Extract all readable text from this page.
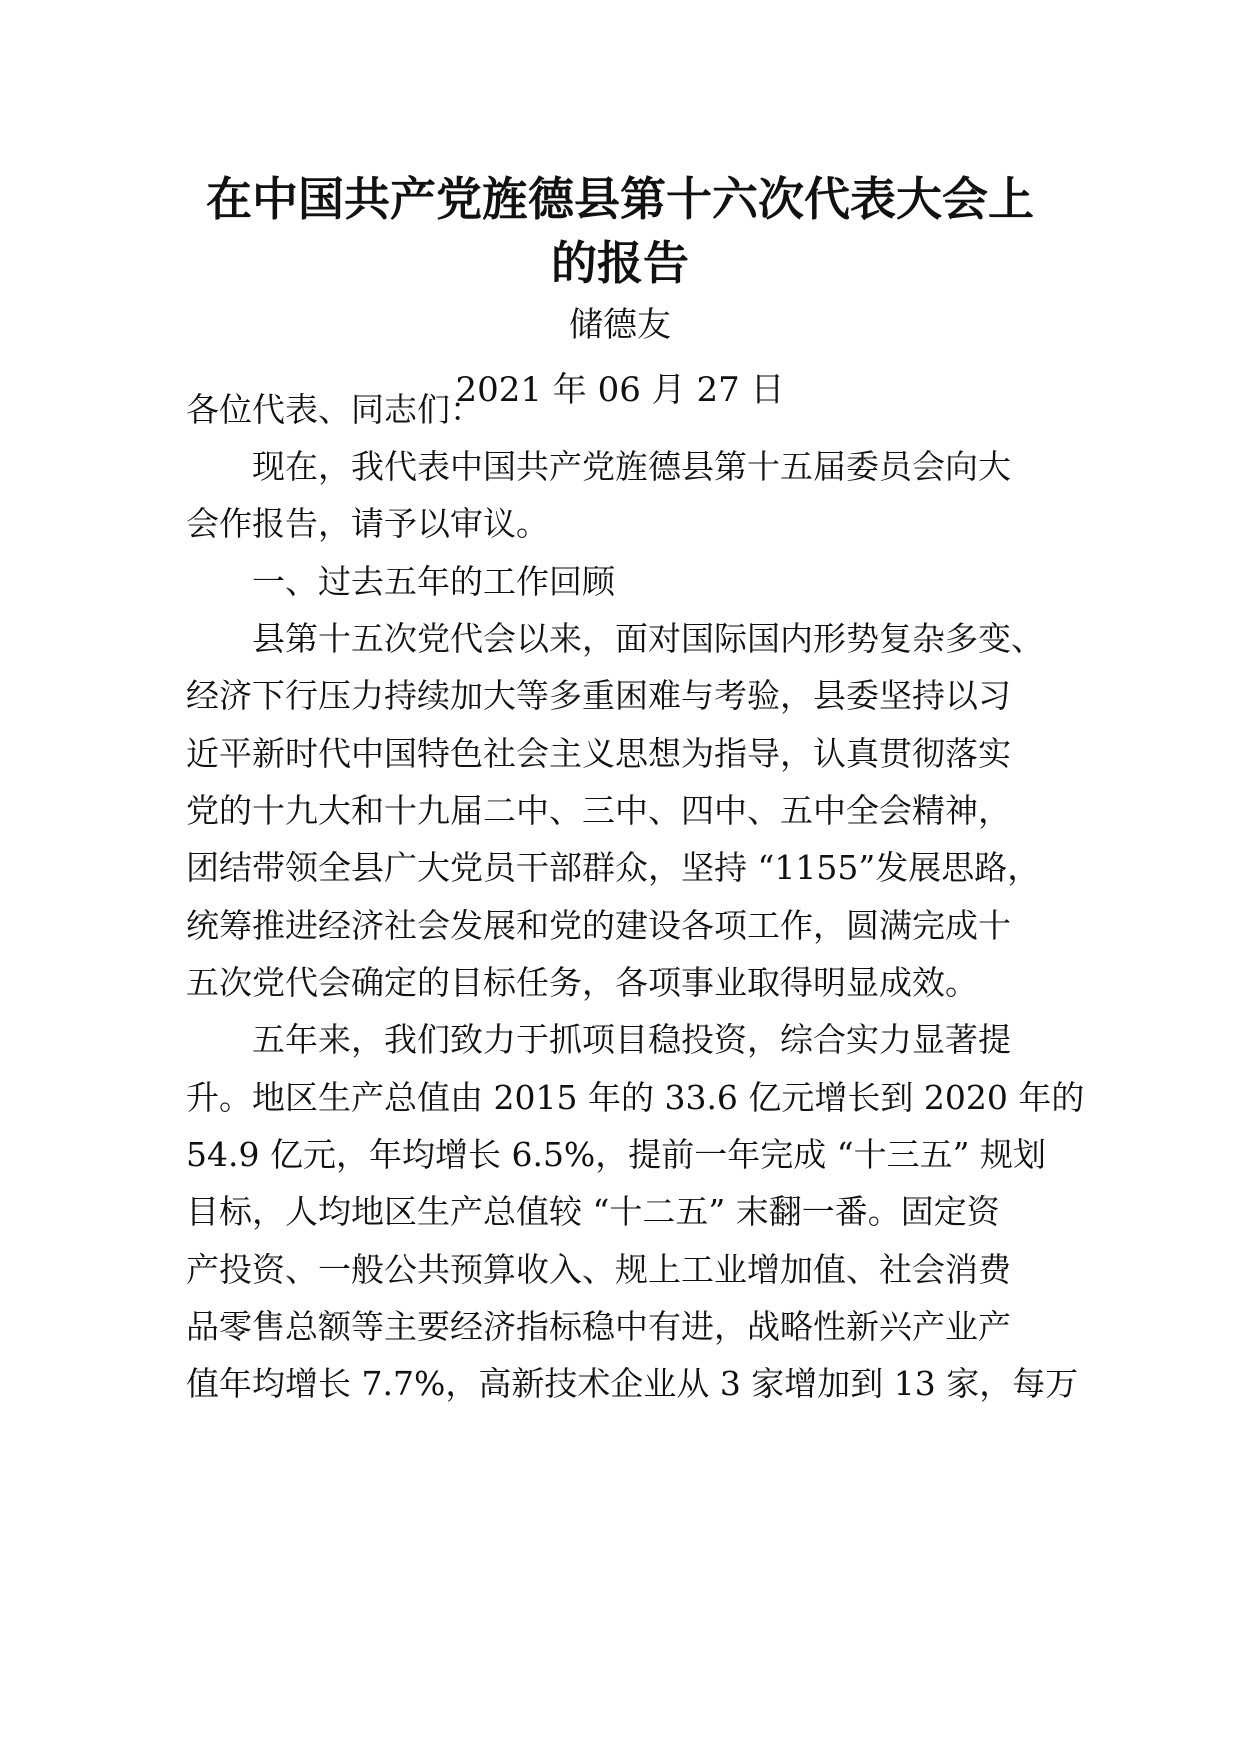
在中国共产党旌德县第十六次代表大会上
的报告
储德友
2021 年 06 月 27 日
各位代表、同志们：
现在，我代表中国共产党旌德县第十五届委员会向大
会作报告，请予以审议。
一、过去五年的工作回顾
县第十五次党代会以来，面对国际国内形势复杂多变、
经济下行压力持续加大等多重困难与考验，县委坚持以习
近平新时代中国特色社会主义思想为指导，认真贯彻落实
党的十九大和十九届二中、三中、四中、五中全会精神，
团结带领全县广大党员干部群众，坚持 “1155”发展思路，
统筹推进经济社会发展和党的建设各项工作，圆满完成十
五次党代会确定的目标任务，各项事业取得明显成效。
五年来，我们致力于抓项目稳投资，综合实力显著提
升。地区生产总值由 2015 年的 33.6 亿元增长到 2020 年的
54.9 亿元，年均增长 6.5%，提前一年完成 “十三五” 规划
目标，人均地区生产总值较 “十二五” 末翻一番。固定资
产投资、一般公共预算收入、规上工业增加值、社会消费
品零售总额等主要经济指标稳中有进，战略性新兴产业产
值年均增长 7.7%，高新技术企业从 3 家增加到 13 家，每万
